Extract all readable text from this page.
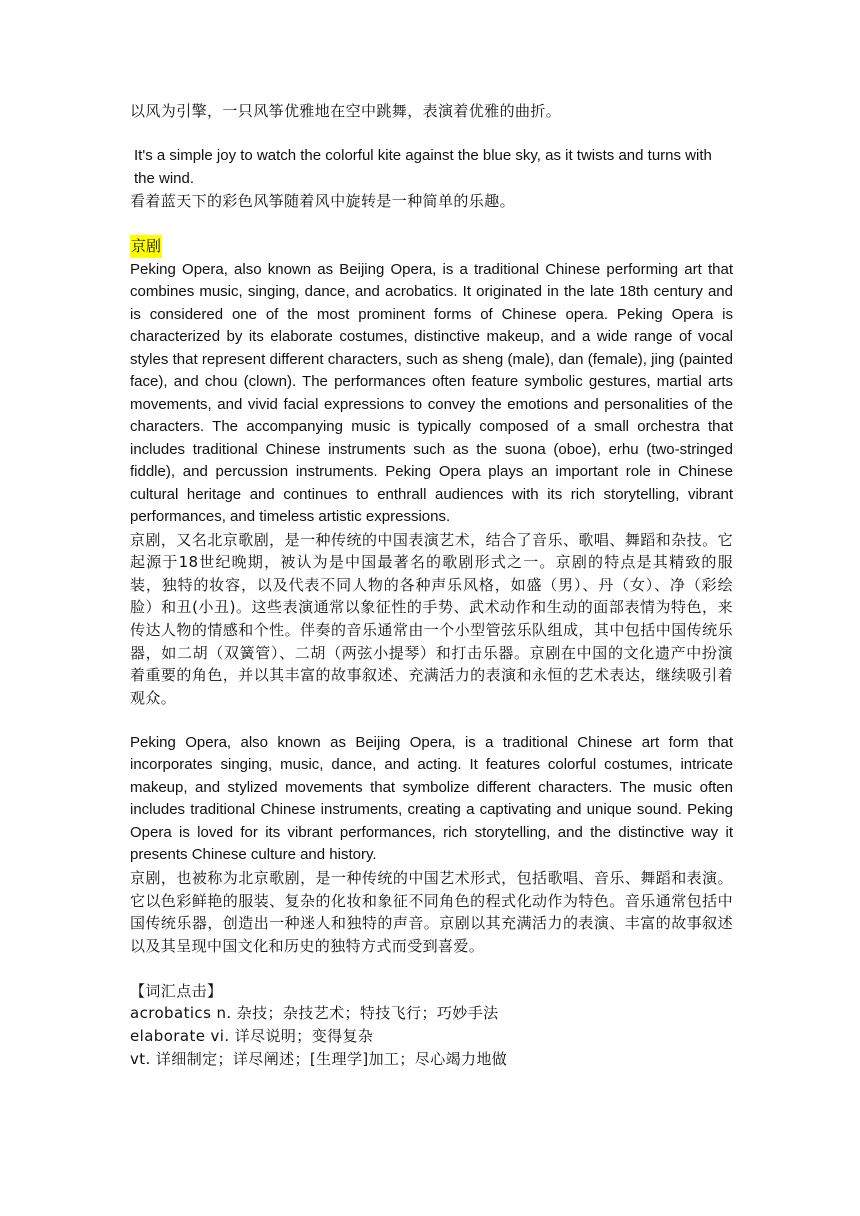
以风为引擎，一只风筝优雅地在空中跳舞，表演着优雅的曲折。
It's a simple joy to watch the colorful kite against the blue sky, as it twists and turns with the wind.
看着蓝天下的彩色风筝随着风中旋转是一种简单的乐趣。
京剧
Peking Opera, also known as Beijing Opera, is a traditional Chinese performing art that combines music, singing, dance, and acrobatics. It originated in the late 18th century and is considered one of the most prominent forms of Chinese opera. Peking Opera is characterized by its elaborate costumes, distinctive makeup, and a wide range of vocal styles that represent different characters, such as sheng (male), dan (female), jing (painted face), and chou (clown). The performances often feature symbolic gestures, martial arts movements, and vivid facial expressions to convey the emotions and personalities of the characters. The accompanying music is typically composed of a small orchestra that includes traditional Chinese instruments such as the suona (oboe), erhu (two-stringed fiddle), and percussion instruments. Peking Opera plays an important role in Chinese cultural heritage and continues to enthrall audiences with its rich storytelling, vibrant performances, and timeless artistic expressions.
京剧，又名北京歌剧，是一种传统的中国表演艺术，结合了音乐、歌唱、舞蹈和杂技。它起源于18世纪晚期，被认为是中国最著名的歌剧形式之一。京剧的特点是其精致的服装，独特的妆容，以及代表不同人物的各种声乐风格，如盛（男）、丹（女）、净（彩绘脸）和丑(小丑)。这些表演通常以象征性的手势、武术动作和生动的面部表情为特色，来传达人物的情感和个性。伴奏的音乐通常由一个小型管弦乐队组成，其中包括中国传统乐器，如二胡（双簧管）、二胡（两弦小提琴）和打击乐器。京剧在中国的文化遗产中扮演着重要的角色，并以其丰富的故事叙述、充满活力的表演和永恒的艺术表达，继续吸引着观众。
Peking Opera, also known as Beijing Opera, is a traditional Chinese art form that incorporates singing, music, dance, and acting. It features colorful costumes, intricate makeup, and stylized movements that symbolize different characters. The music often includes traditional Chinese instruments, creating a captivating and unique sound. Peking Opera is loved for its vibrant performances, rich storytelling, and the distinctive way it presents Chinese culture and history.
京剧，也被称为北京歌剧，是一种传统的中国艺术形式，包括歌唱、音乐、舞蹈和表演。它以色彩鲜艳的服装、复杂的化妆和象征不同角色的程式化动作为特色。音乐通常包括中国传统乐器，创造出一种迷人和独特的声音。京剧以其充满活力的表演、丰富的故事叙述以及其呈现中国文化和历史的独特方式而受到喜爱。
【词汇点击】
acrobatics n. 杂技；杂技艺术；特技飞行；巧妙手法
elaborate vi. 详尽说明；变得复杂
vt. 详细制定；详尽阐述；[生理学]加工；尽心竭力地做
